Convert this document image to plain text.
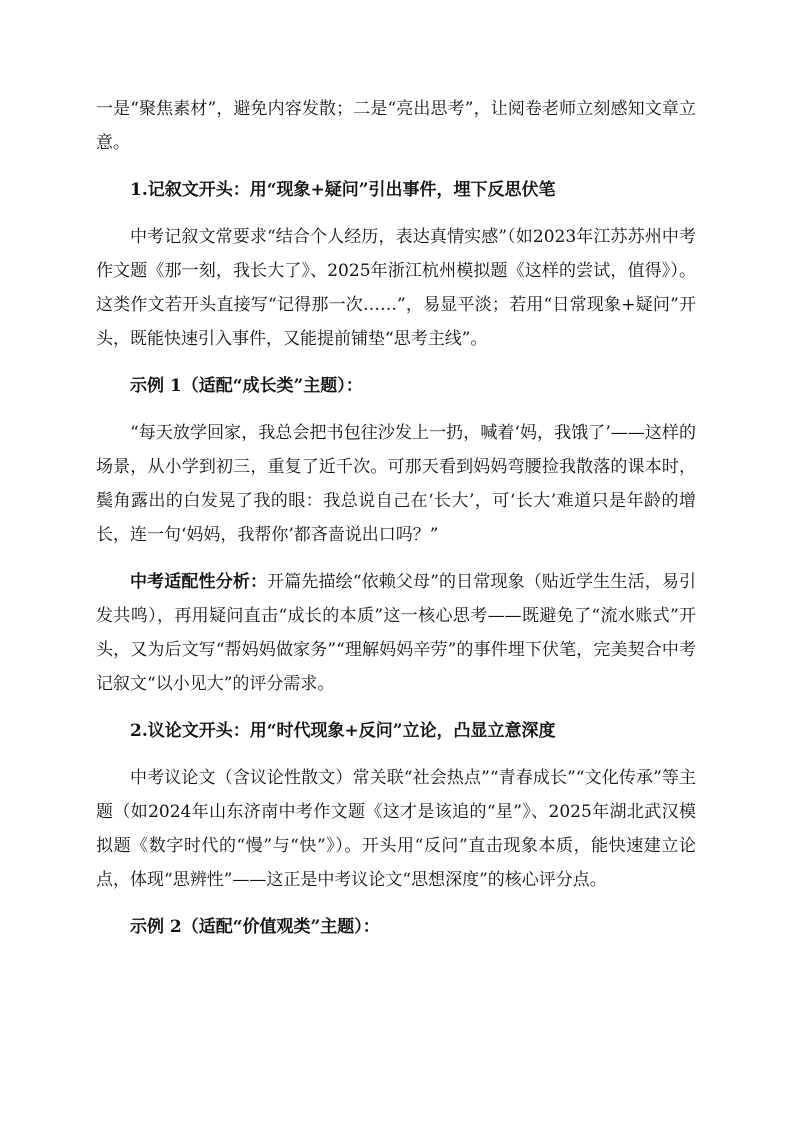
一是“聚焦素材”，避免内容发散；二是“亮出思考”，让阅卷老师立刻感知文章立意。

1.记叙文开头：用“现象+疑问”引出事件，埋下反思伏笔

中考记叙文常要求“结合个人经历，表达真情实感”（如2023年江苏苏州中考作文题《那一刻，我长大了》、2025年浙江杭州模拟题《这样的尝试，值得》）。这类作文若开头直接写“记得那一次……”，易显平淡；若用“日常现象+疑问”开头，既能快速引入事件，又能提前铺垫“思考主线”。

示例 1（适配“成长类”主题）：

“每天放学回家，我总会把书包往沙发上一扔，喊着‘妈，我饿了’——这样的场景，从小学到初三，重复了近千次。可那天看到妈妈弯腰捡我散落的课本时，鬓角露出的白发晃了我的眼：我总说自己在‘长大’，可‘长大’难道只是年龄的增长，连一句‘妈妈，我帮你’都吝啬说出口吗？”

中考适配性分析：开篇先描绘“依赖父母”的日常现象（贴近学生生活，易引发共鸣），再用疑问直击“成长的本质”这一核心思考——既避免了“流水账式”开头，又为后文写“帮妈妈做家务”“理解妈妈辛劳”的事件埋下伏笔，完美契合中考记叙文“以小见大”的评分需求。

2.议论文开头：用“时代现象+反问”立论，凸显立意深度

中考议论文（含议论性散文）常关联“社会热点”“青春成长”“文化传承”等主题（如2024年山东济南中考作文题《这才是该追的“星”》、2025年湖北武汉模拟题《数字时代的“慢”与“快”》）。开头用“反问”直击现象本质，能快速建立论点，体现“思辨性”——这正是中考议论文“思想深度”的核心评分点。

示例 2（适配“价值观类”主题）：
